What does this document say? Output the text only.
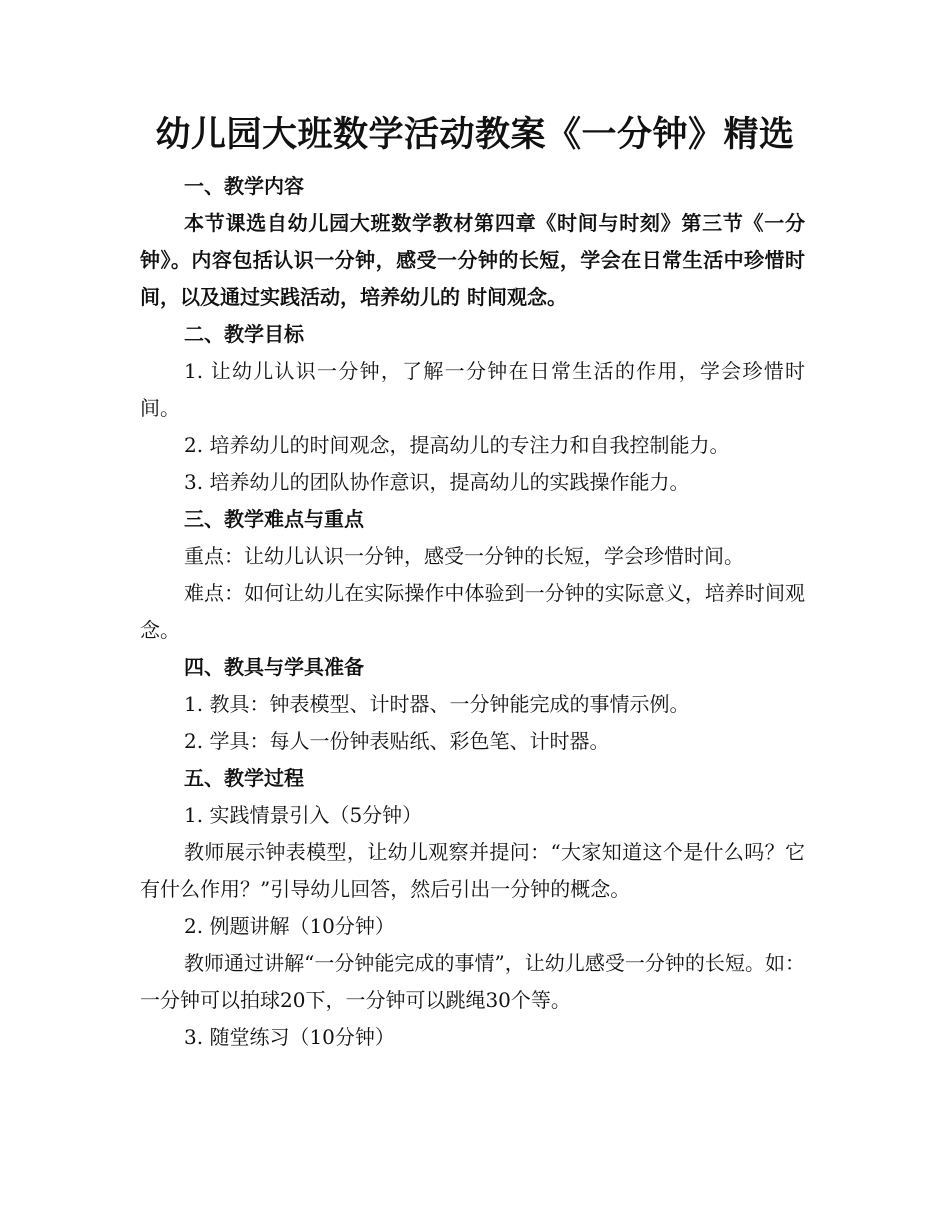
幼儿园大班数学活动教案《一分钟》精选

一、教学内容

本节课选自幼儿园大班数学教材第四章《时间与时刻》第三节《一分钟》。内容包括认识一分钟，感受一分钟的长短，学会在日常生活中珍惜时间，以及通过实践活动，培养幼儿的 时间观念。

二、教学目标

1. 让幼儿认识一分钟，了解一分钟在日常生活的作用，学会珍惜时间。

2. 培养幼儿的时间观念，提高幼儿的专注力和自我控制能力。

3. 培养幼儿的团队协作意识，提高幼儿的实践操作能力。

三、教学难点与重点

重点：让幼儿认识一分钟，感受一分钟的长短，学会珍惜时间。

难点：如何让幼儿在实际操作中体验到一分钟的实际意义，培养时间观念。

四、教具与学具准备

1. 教具：钟表模型、计时器、一分钟能完成的事情示例。

2. 学具：每人一份钟表贴纸、彩色笔、计时器。

五、教学过程

1. 实践情景引入（5分钟）

教师展示钟表模型，让幼儿观察并提问：“大家知道这个是什么吗？它有什么作用？”引导幼儿回答，然后引出一分钟的概念。

2. 例题讲解（10分钟）

教师通过讲解“一分钟能完成的事情”，让幼儿感受一分钟的长短。如：一分钟可以拍球20下，一分钟可以跳绳30个等。

3. 随堂练习（10分钟）
